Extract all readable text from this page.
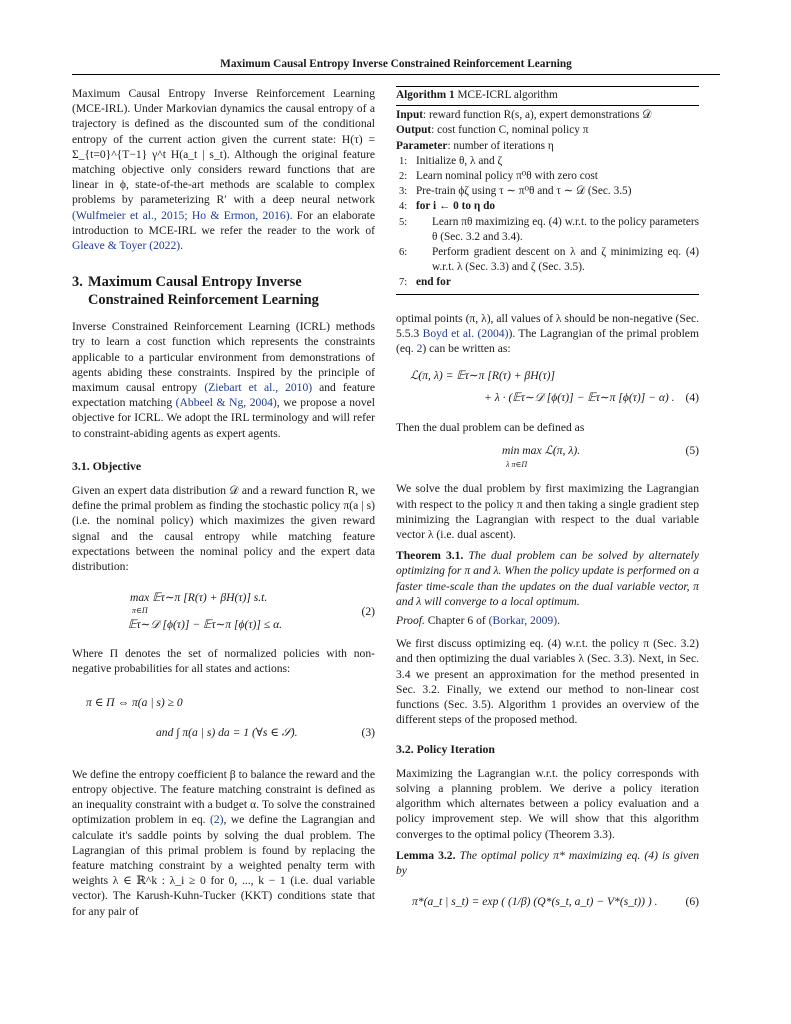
Maximum Causal Entropy Inverse Constrained Reinforcement Learning

Maximum Causal Entropy Inverse Reinforcement Learning (MCE-IRL). Under Markovian dynamics the causal entropy of a trajectory is defined as the discounted sum of the conditional entropy of the current action given the current state: H(τ) = Σ_{t=0}^{T−1} γ^t H(a_t | s_t). Although the original feature matching objective only considers reward functions that are linear in ϕ, state-of-the-art methods are scalable to complex problems by parameterizing R′ with a deep neural network (Wulfmeier et al., 2015; Ho & Ermon, 2016). For an elaborate introduction to MCE-IRL we refer the reader to the work of Gleave & Toyer (2022).

3. Maximum Causal Entropy Inverse
Constrained Reinforcement Learning

Inverse Constrained Reinforcement Learning (ICRL) methods try to learn a cost function which represents the constraints applicable to a particular environment from demonstrations of agents abiding these constraints. Inspired by the principle of maximum causal entropy (Ziebart et al., 2010) and feature expectation matching (Abbeel & Ng, 2004), we propose a novel objective for ICRL. We adopt the IRL terminology and will refer to constraint-abiding agents as expert agents.

3.1. Objective

Given an expert data distribution 𝒟 and a reward function R, we define the primal problem as finding the stochastic policy π(a | s) (i.e. the nominal policy) which maximizes the given reward signal and the causal entropy while matching feature expectations between the nominal policy and the expert data distribution:

max 𝔼τ∼π [R(τ) + βH(τ)] s.t.
π∈Π
𝔼τ∼𝒟 [ϕ(τ)] − 𝔼τ∼π [ϕ(τ)] ≤ α.
(2)

Where Π denotes the set of normalized policies with non-negative probabilities for all states and actions:

π ∈ Π ⇔ π(a | s) ≥ 0
and ∫ π(a | s) da = 1 (∀s ∈ 𝒮).	(3)

We define the entropy coefficient β to balance the reward and the entropy objective. The feature matching constraint is defined as an inequality constraint with a budget α. To solve the constrained optimization problem in eq. (2), we define the Lagrangian and calculate it's saddle points by solving the dual problem. The Lagrangian of this primal problem is found by replacing the feature matching constraint by a weighted penalty term with weights λ ∈ ℝ^k : λ_i ≥ 0 for 0, ..., k − 1 (i.e. dual variable vector). The Karush-Kuhn-Tucker (KKT) conditions state that for any pair of

Algorithm 1 MCE-ICRL algorithm
Input: reward function R(s, a), expert demonstrations 𝒟
Output: cost function C, nominal policy π
Parameter: number of iterations η
1: Initialize θ, λ and ζ
2: Learn nominal policy π⁰θ with zero cost
3: Pre-train ϕζ using τ ∼ π⁰θ and τ ∼ 𝒟 (Sec. 3.5)
4: for i ← 0 to η do
5: Learn πθ maximizing eq. (4) w.r.t. to the policy parameters θ (Sec. 3.2 and 3.4).
6: Perform gradient descent on λ and ζ minimizing eq. (4) w.r.t. λ (Sec. 3.3) and ζ (Sec. 3.5).
7: end for

optimal points (π, λ), all values of λ should be non-negative (Sec. 5.5.3 Boyd et al. (2004)). The Lagrangian of the primal problem (eq. 2) can be written as:

ℒ(π, λ) = 𝔼τ∼π [R(τ) + βH(τ)]
+ λ · (𝔼τ∼𝒟 [ϕ(τ)] − 𝔼τ∼π [ϕ(τ)] − α) . (4)

Then the dual problem can be defined as

min max ℒ(π, λ).
λ π∈Π
(5)

We solve the dual problem by first maximizing the Lagrangian with respect to the policy π and then taking a single gradient step minimizing the Lagrangian with respect to the dual variable vector λ (i.e. dual ascent).

Theorem 3.1. The dual problem can be solved by alternately optimizing for π and λ. When the policy update is performed on a faster time-scale than the updates on the dual variable vector, π and λ will converge to a local optimum.

Proof. Chapter 6 of (Borkar, 2009).

We first discuss optimizing eq. (4) w.r.t. the policy π (Sec. 3.2) and then optimizing the dual variables λ (Sec. 3.3). Next, in Sec. 3.4 we present an approximation for the method presented in Sec. 3.2. Finally, we extend our method to non-linear cost functions (Sec. 3.5). Algorithm 1 provides an overview of the different steps of the proposed method.

3.2. Policy Iteration

Maximizing the Lagrangian w.r.t. the policy corresponds with solving a planning problem. We derive a policy iteration algorithm which alternates between a policy evaluation and a policy improvement step. We will show that this algorithm converges to the optimal policy (Theorem 3.3).

Lemma 3.2. The optimal policy π* maximizing eq. (4) is given by

π*(a_t | s_t) = exp ( (1/β) (Q*(s_t, a_t) − V*(s_t)) ) . (6)
